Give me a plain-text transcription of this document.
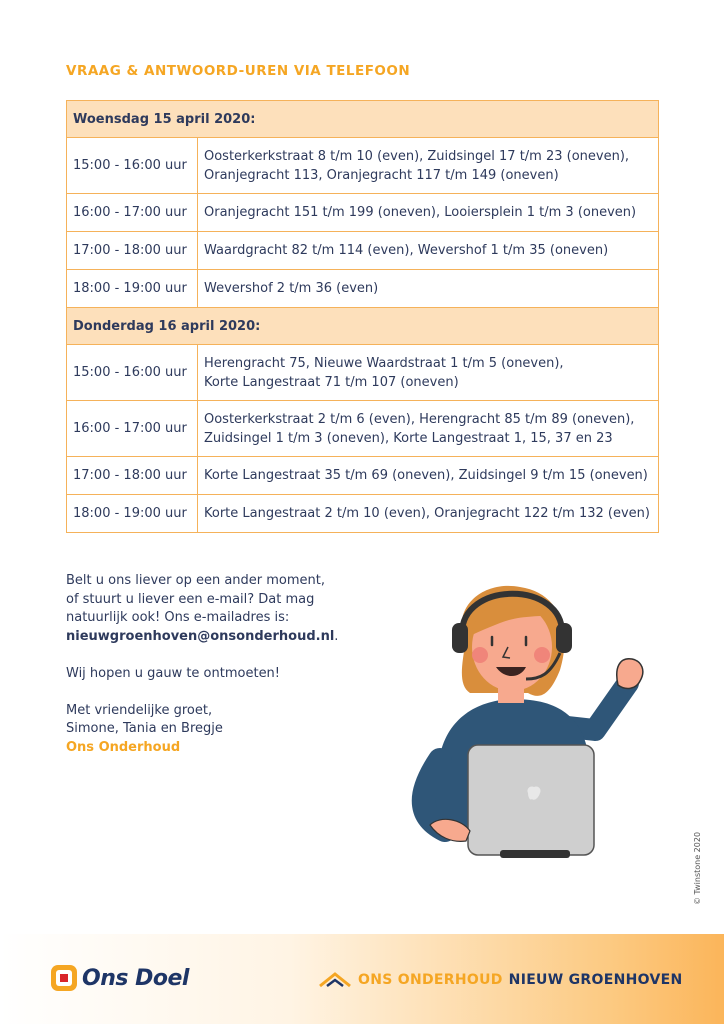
VRAAG & ANTWOORD-UREN VIA TELEFOON
Woensdag 15 april 2020:	
15:00 - 16:00 uur	Oosterkerkstraat 8 t/m 10 (even), Zuidsingel 17 t/m 23 (oneven),
Oranjegracht 113, Oranjegracht 117 t/m 149 (oneven)

16:00 - 17:00 uur	Oranjegracht 151 t/m 199 (oneven), Looiersplein 1 t/m 3 (oneven)

17:00 - 18:00 uur	Waardgracht 82 t/m 114 (even), Wevershof 1 t/m 35 (oneven)

18:00 - 19:00 uur	Wevershof 2 t/m 36 (even)

Donderdag 16 april 2020:	
15:00 - 16:00 uur	Herengracht 75, Nieuwe Waardstraat 1 t/m 5 (oneven),
Korte Langestraat 71 t/m 107 (oneven)

16:00 - 17:00 uur	Oosterkerkstraat 2 t/m 6 (even), Herengracht 85 t/m 89 (oneven),
Zuidsingel 1 t/m 3 (oneven), Korte Langestraat 1, 15, 37 en 23

17:00 - 18:00 uur	Korte Langestraat 35 t/m 69 (oneven), Zuidsingel 9 t/m 15 (oneven)

18:00 - 19:00 uur	Korte Langestraat 2 t/m 10 (even), Oranjegracht 122 t/m 132 (even)

Belt u ons liever op een ander moment,
of stuurt u liever een e-mail? Dat mag
natuurlijk ook! Ons e-mailadres is:
nieuwgroenhoven@onsonderhoud.nl.

Wij hopen u gauw te ontmoeten!

Met vriendelijke groet,
Simone, Tania en Bregje
Ons Onderhoud

© Twinstone 2020
Ons Doel	ONS ONDERHOUD NIEUW GROENHOVEN
